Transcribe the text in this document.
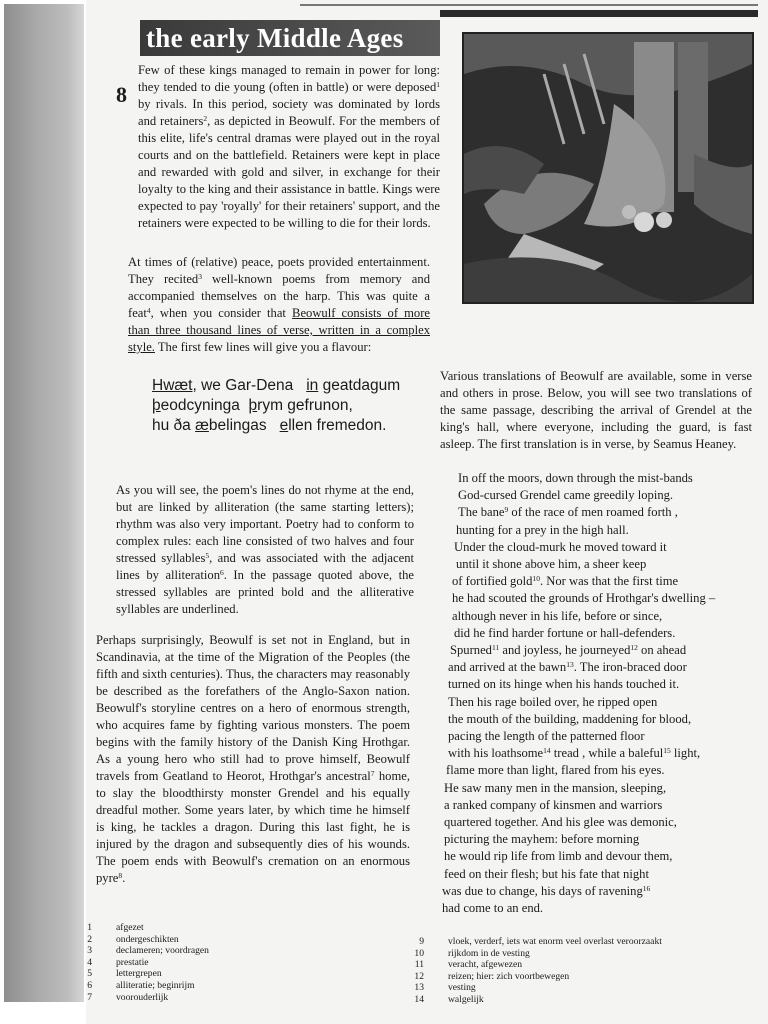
the early Middle Ages
8

Few of these kings managed to remain in power for long: they tended to die young (often in battle) or were deposed$^1$ by rivals. In this period, society was dominated by lords and retainers$^2$, as depicted in Beowulf. For the members of this elite, life's central dramas were played out in the royal courts and on the battlefield. Retainers were kept in place and rewarded with gold and silver, in exchange for their loyalty to the king and their assistance in battle. Kings were expected to pay 'royally' for their retainers' support, and the retainers were expected to be willing to die for their lords.

At times of (relative) peace, poets provided entertainment. They recited$^3$ well-known poems from memory and accompanied themselves on the harp. This was quite a feat$^4$, when you consider that Beowulf consists of more than three thousand lines of verse, written in a complex style. The first few lines will give you a flavour:

Hwæt, we Gar-Dena in geatdagum
þeodcyninga þrym gefrunon,
hu ða æbelingas   ellen fremedon.

As you will see, the poem's lines do not rhyme at the end, but are linked by alliteration (the same starting letters); rhythm was also very important. Poetry had to conform to complex rules: each line consisted of two halves and four stressed syllables$^5$, and was associated with the adjacent lines by alliteration$^6$. In the passage quoted above, the stressed syllables are printed bold and the alliterative syllables are underlined.

Perhaps surprisingly, Beowulf is set not in England, but in Scandinavia, at the time of the Migration of the Peoples (the fifth and sixth centuries). Thus, the characters may reasonably be described as the forefathers of the Anglo-Saxon nation. Beowulf's storyline centres on a hero of enormous strength, who acquires fame by fighting various monsters. The poem begins with the family history of the Danish King Hrothgar. As a young hero who still had to prove himself, Beowulf travels from Geatland to Heorot, Hrothgar's ancestral$^7$ home, to slay the bloodthirsty monster Grendel and his equally dreadful mother. Some years later, by which time he himself is king, he tackles a dragon. During this last fight, he is injured by the dragon and subsequently dies of his wounds. The poem ends with Beowulf's cremation on an enormous pyre$^8$.

Various translations of Beowulf are available, some in verse and others in prose. Below, you will see two translations of the same passage, describing the arrival of Grendel at the king's hall, where everyone, including the guard, is fast asleep. The first translation is in verse, by Seamus Heaney.
In off the moors, down through the mist-bands
God-cursed Grendel came greedily loping.
The bane$^9$ of the race of men roamed forth ,
hunting for a prey in the high hall.
Under the cloud-murk he moved toward it
until it shone above him, a sheer keep
of fortified gold$^{10}$. Nor was that the first time
he had scouted the grounds of Hrothgar's dwelling –
although never in his life, before or since,
did he find harder fortune or hall-defenders.
Spurned$^{11}$ and joyless, he journeyed$^{12}$ on ahead
and arrived at the bawn$^{13}$. The iron-braced door
turned on its hinge when his hands touched it.
Then his rage boiled over, he ripped open
the mouth of the building, maddening for blood,
pacing the length of the patterned floor
with his loathsome$^{14}$ tread , while a baleful$^{15}$ light,
flame more than light, flared from his eyes.
He saw many men in the mansion, sleeping,
a ranked company of kinsmen and warriors
quartered together. And his glee was demonic,
picturing the mayhem: before morning
he would rip life from limb and devour them,
feed on their flesh; but his fate that night
was due to change, his days of ravening$^{16}$
had come to an end.
1	afgezet
2	ondergeschikten
3	declameren; voordragen
4	prestatie
5	lettergrepen
6	alliteratie; beginrijm
7	voorouderlijk
9	vloek, verderf, iets wat enorm veel overlast veroorzaakt
10	rijkdom in de vesting
11	veracht, afgewezen
12	reizen; hier: zich voortbewegen
13	vesting
14	walgelijk
